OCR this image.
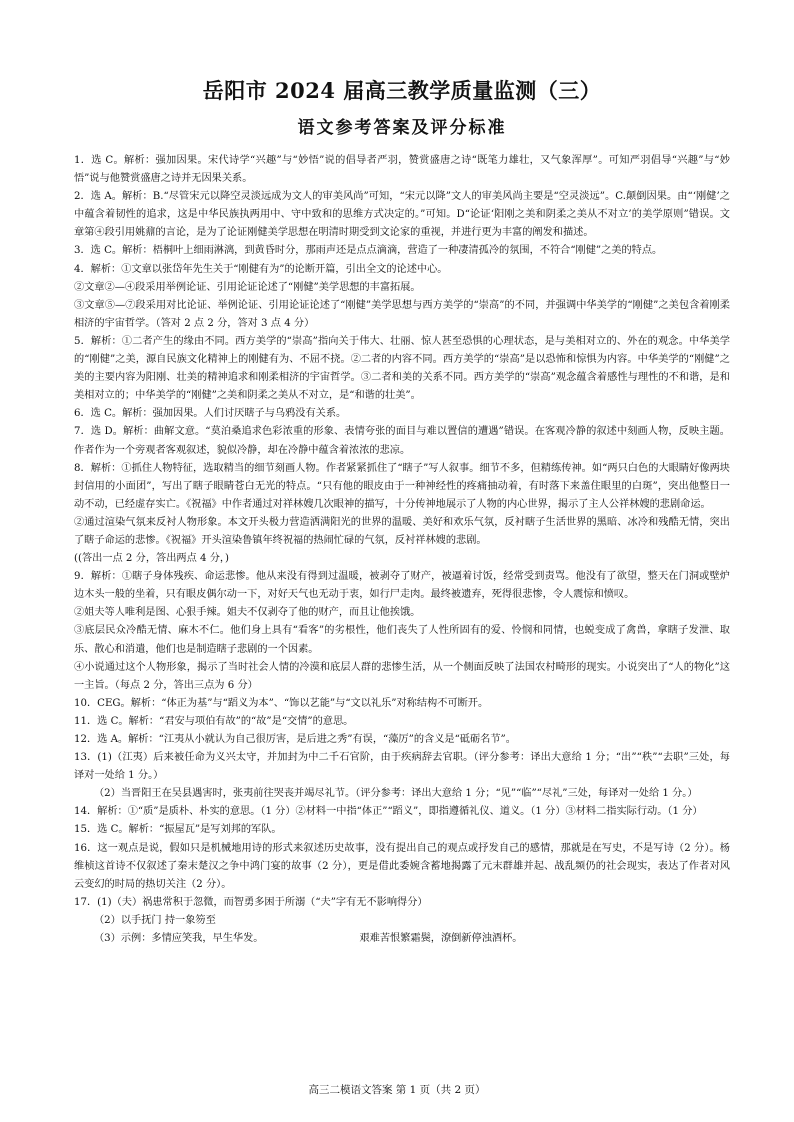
岳阳市 2024 届高三教学质量监测（三）
语文参考答案及评分标准

1．选 C。解析：强加因果。宋代诗学“兴趣”与“妙悟”说的倡导者严羽，赞赏盛唐之诗“既笔力雄壮，又气象浑厚”。可知严羽倡导“兴趣”与“妙悟”说与他赞赏盛唐之诗并无因果关系。

2．选 A。解析：B.“尽管宋元以降空灵淡远成为文人的审美风尚”可知，“宋元以降”文人的审美风尚主要是“空灵淡远”。C.颠倒因果。由“‘刚健’之中蕴含着韧性的追求，这是中华民族执两用中、守中致和的思维方式决定的。”可知。D“论证‘阳刚之美和阴柔之美从不对立’的美学原则”错误。文章第④段引用姚鼐的言论，是为了论证刚健美学思想在明清时期受到文论家的重视，并进行更为丰富的阐发和描述。

3．选 C。解析：梧桐叶上细雨淋漓，到黄昏时分，那雨声还是点点滴滴，营造了一种凄清孤冷的氛围，不符合“刚健”之美的特点。

4．解析：①文章以张岱年先生关于“刚健有为”的论断开篇，引出全文的论述中心。

②文章②—④段采用举例论证、引用论证论述了“刚健”美学思想的丰富拓展。

③文章⑤—⑦段采用对比论证、举例论证、引用论证论述了“刚健”美学思想与西方美学的“崇高”的不同，并强调中华美学的“刚健”之美包含着刚柔相济的宇宙哲学。（答对 2 点 2 分，答对 3 点 4 分）

5．解析：①二者产生的缘由不同。西方美学的“崇高”指向关于伟大、壮丽、惊人甚至恐惧的心理状态，是与美相对立的、外在的观念。中华美学的“刚健”之美，源自民族文化精神上的刚健有为、不屈不挠。②二者的内容不同。西方美学的“崇高”是以恐怖和惊惧为内容。中华美学的“刚健”之美的主要内容为阳刚、壮美的精神追求和刚柔相济的宇宙哲学。③二者和美的关系不同。西方美学的“崇高”观念蕴含着感性与理性的不和谐，是和美相对立的；中华美学的“刚健”之美和阴柔之美从不对立，是“和谐的壮美”。

6．选 C。解析：强加因果。人们讨厌瞎子与乌鸦没有关系。

7．选 D。解析：曲解文意。“莫泊桑追求色彩浓重的形象、表情夸张的面目与难以置信的遭遇”错误。在客观冷静的叙述中刻画人物，反映主题。作者作为一个旁观者客观叙述，貌似冷静，却在冷静中蕴含着浓浓的悲凉。

8．解析：①抓住人物特征，选取精当的细节刻画人物。作者紧紧抓住了“瞎子”写人叙事。细节不多，但精练传神。如“两只白色的大眼睛好像两块封信用的小面团”，写出了瞎子眼睛苍白无光的特点。“只有他的眼皮由于一种神经性的疼痛抽动着，有时落下来盖住眼里的白斑”，突出他整日一动不动，已经虚存实亡。《祝福》中作者通过对祥林嫂几次眼神的描写，十分传神地展示了人物的内心世界，揭示了主人公祥林嫂的悲剧命运。

②通过渲染气氛来反衬人物形象。本文开头极力营造洒满阳光的世界的温暖、美好和欢乐气氛，反衬瞎子生活世界的黑暗、冰冷和残酷无情，突出了瞎子命运的悲惨。《祝福》开头渲染鲁镇年终祝福的热闹忙碌的气氛，反衬祥林嫂的悲剧。

((答出一点 2 分，答出两点 4 分，)

9．解析：①瞎子身体残疾、命运悲惨。他从来没有得到过温暖，被剥夺了财产，被逼着讨饭，经常受到责骂。他没有了欲望，整天在门洞或壁炉边木头一般的坐着，只有眼皮偶尔动一下，对好天气也无动于衷，如行尸走肉。最终被遗弃，死得很悲惨，令人震惊和愤叹。

②姐夫等人唯利是图、心狠手辣。姐夫不仅剥夺了他的财产，而且让他挨饿。

③底层民众冷酷无情、麻木不仁。他们身上具有“看客”的劣根性，他们丧失了人性所固有的爱、怜悯和同情，也蜕变成了禽兽，拿瞎子发泄、取乐、散心和消遣，他们也是制造瞎子悲剧的一个因素。

④小说通过这个人物形象，揭示了当时社会人情的冷漠和底层人群的悲惨生活，从一个侧面反映了法国农村畸形的现实。小说突出了“人的物化”这一主旨。（每点 2 分，答出三点为 6 分）

10．CEG。解析：“体正为基”与“蹈义为本”、“饰以艺能”与“文以礼乐”对称结构不可断开。

11．选 C。解析：“君安与项伯有故”的“故”是“交情”的意思。

12．选 A。解析：“江夷从小就认为自己很厉害，是后进之秀”有误，“藻厉”的含义是“砥砺名节”。

13．(1)（江夷）后来被任命为义兴太守，并加封为中二千石官阶，由于疾病辞去官职。（评分参考：译出大意给 1 分；“出”“秩”“去职”三处，每译对一处给 1 分。）

（2）当晋阳王在吴县遇害时，张夷前往哭丧并竭尽礼节。（评分参考：译出大意给 1 分；“见”“临”“尽礼”三处，每译对一处给 1 分。）

14．解析：①“质”是质朴、朴实的意思。（1 分）②材料一中指“体正”“蹈义”，即指遵循礼仪、道义。（1 分）③材料二指实际行动。（1 分）

15．选 C。解析：“振屋瓦”是写刘邦的军队。

16．这一观点是说，假如只是机械地用诗的形式来叙述历史故事，没有提出自己的观点或抒发自己的感情，那就是在写史，不是写诗（2 分）。杨维桢这首诗不仅叙述了秦末楚汉之争中鸿门宴的故事（2 分），更是借此委婉含蓄地揭露了元末群雄并起、战乱频仍的社会现实，表达了作者对风云变幻的时局的热切关注（2 分）。

17．(1)（夫）祸患常积于忽微，而智勇多困于所溺（“夫”字有无不影响得分）

（2）以手抚门 持一象笏至

（3）示例：多情应笑我，早生华发。	艰难苦恨繁霜鬓，潦倒新停浊酒杯。

高三二模语文答案 第 1 页（共 2 页）
